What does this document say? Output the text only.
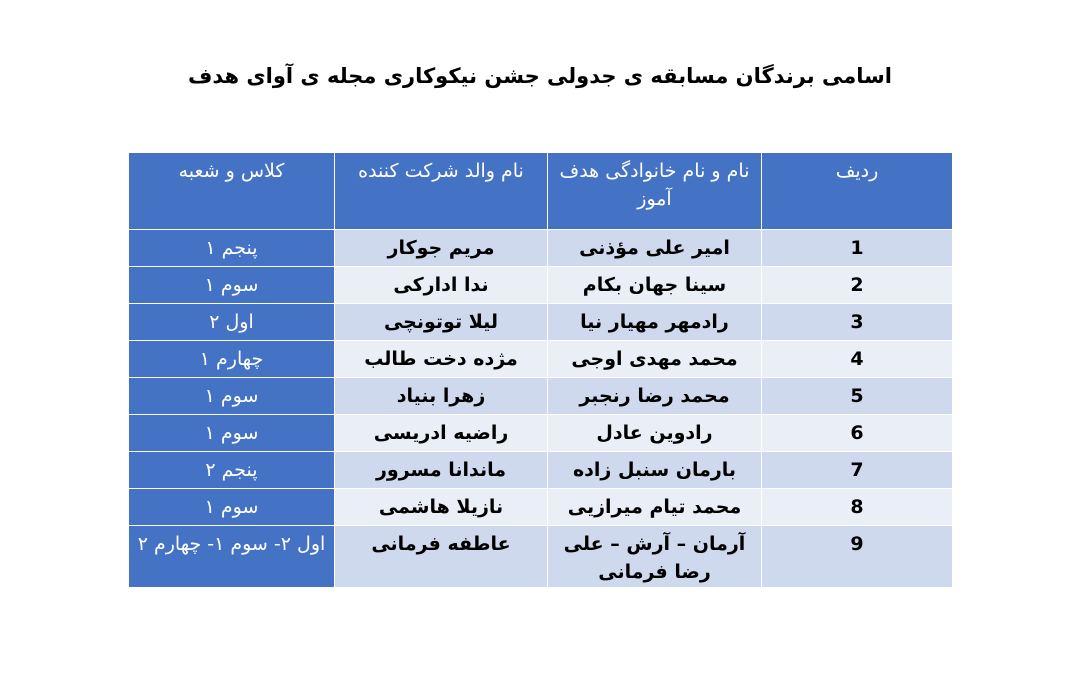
اسامی برندگان مسابقه ی جدولی جشن نیکوکاری مجله ی آوای هدف
ردیف	نام و نام خانوادگی هدف آموز	نام والد شرکت کننده	کلاس و شعبه
1	امیر علی مؤذنی	مریم جوکار	پنجم ۱
2	سینا جهان بکام	ندا ادارکی	سوم ۱
3	رادمهر مهیار نیا	لیلا توتونچی	اول ۲
4	محمد مهدی اوجی	مژده دخت طالب	چهارم ۱
5	محمد رضا رنجبر	زهرا بنیاد	سوم ۱
6	رادوین عادل	راضیه ادریسی	سوم ۱
7	بارمان سنبل زاده	ماندانا مسرور	پنجم ۲
8	محمد تیام میرازیی	نازیلا هاشمی	سوم ۱
9	آرمان – آرش – علی رضا فرمانی	عاطفه فرمانی	اول ۲- سوم ۱- چهارم ۲
